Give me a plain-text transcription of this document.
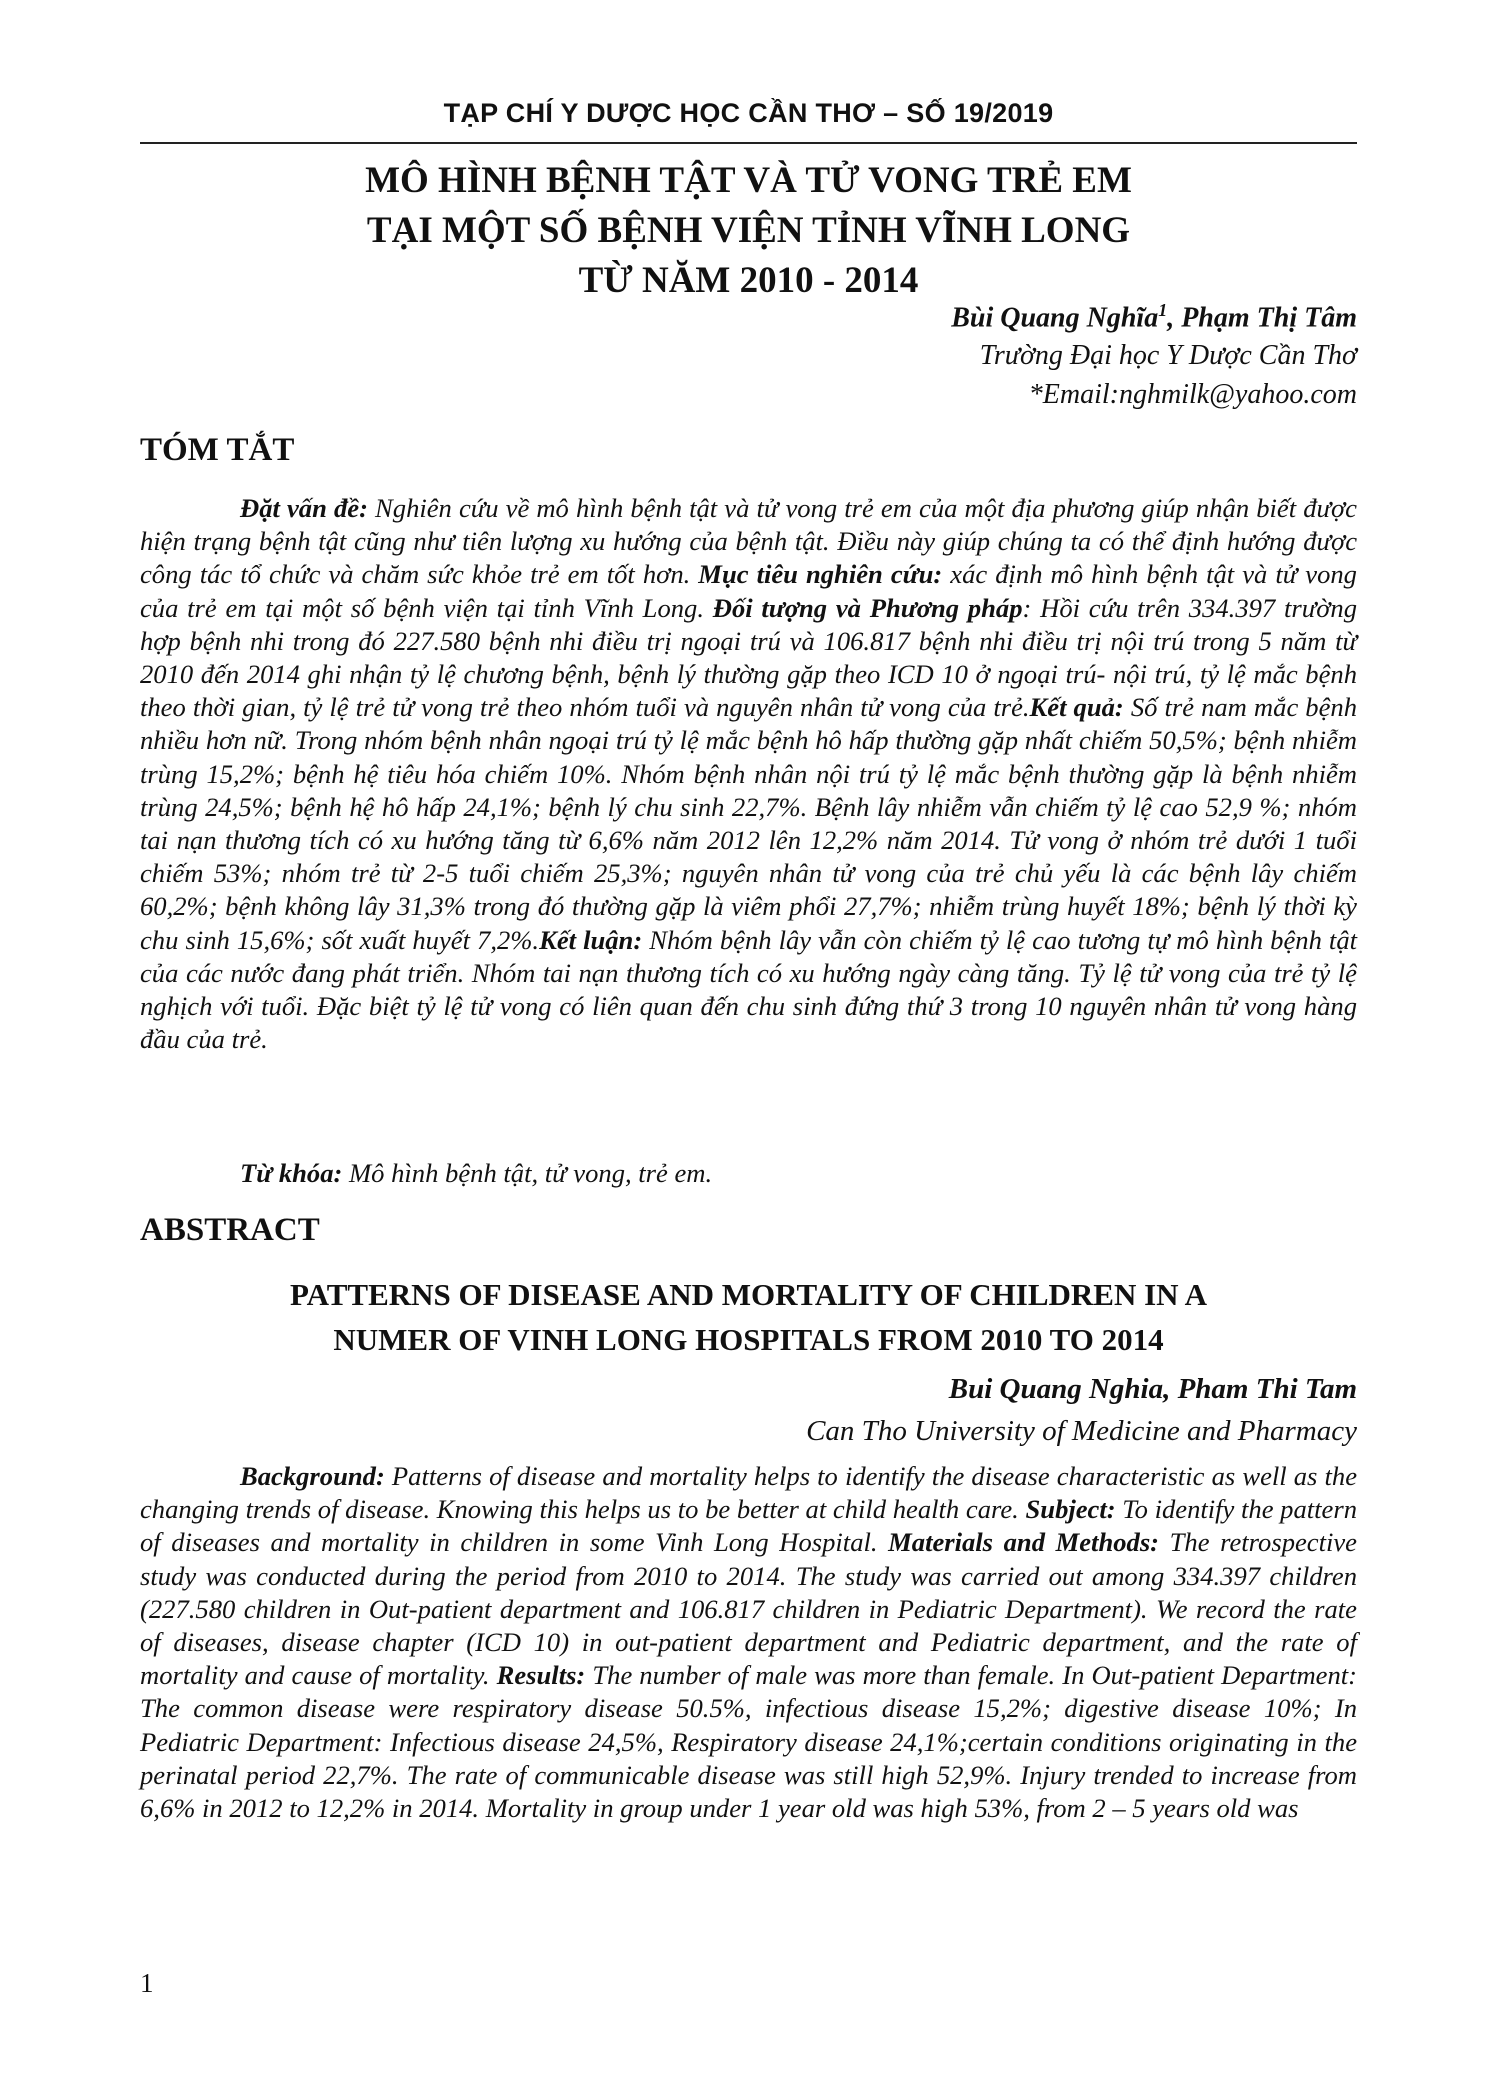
TẠP CHÍ Y DƯỢC HỌC CẦN THƠ – SỐ 19/2019
MÔ HÌNH BỆNH TẬT VÀ TỬ VONG TRẺ EM
TẠI MỘT SỐ BỆNH VIỆN TỈNH VĨNH LONG
TỪ NĂM 2010 - 2014
Bùi Quang Nghĩa$^1$, Phạm Thị Tâm
Trường Đại học Y Dược Cần Thơ
*Email:nghmilk@yahoo.com
TÓM TẮT

Đặt vấn đề: Nghiên cứu về mô hình bệnh tật và tử vong trẻ em của một địa phương giúp nhận biết được hiện trạng bệnh tật cũng như tiên lượng xu hướng của bệnh tật. Điều này giúp chúng ta có thể định hướng được công tác tổ chức và chăm sức khỏe trẻ em tốt hơn. Mục tiêu nghiên cứu: xác định mô hình bệnh tật và tử vong của trẻ em tại một số bệnh viện tại tỉnh Vĩnh Long. Đối tượng và Phương pháp: Hồi cứu trên 334.397 trường hợp bệnh nhi trong đó 227.580 bệnh nhi điều trị ngoại trú và 106.817 bệnh nhi điều trị nội trú trong 5 năm từ 2010 đến 2014 ghi nhận tỷ lệ chương bệnh, bệnh lý thường gặp theo ICD 10 ở ngoại trú- nội trú, tỷ lệ mắc bệnh theo thời gian, tỷ lệ trẻ tử vong trẻ theo nhóm tuổi và nguyên nhân tử vong của trẻ.Kết quả: Số trẻ nam mắc bệnh nhiều hơn nữ. Trong nhóm bệnh nhân ngoại trú tỷ lệ mắc bệnh hô hấp thường gặp nhất chiếm 50,5%; bệnh nhiễm trùng 15,2%; bệnh hệ tiêu hóa chiếm 10%. Nhóm bệnh nhân nội trú tỷ lệ mắc bệnh thường gặp là bệnh nhiễm trùng 24,5%; bệnh hệ hô hấp 24,1%; bệnh lý chu sinh 22,7%. Bệnh lây nhiễm vẫn chiếm tỷ lệ cao 52,9 %; nhóm tai nạn thương tích có xu hướng tăng từ 6,6% năm 2012 lên 12,2% năm 2014. Tử vong ở nhóm trẻ dưới 1 tuổi chiếm 53%; nhóm trẻ từ 2-5 tuổi chiếm 25,3%; nguyên nhân tử vong của trẻ chủ yếu là các bệnh lây chiếm 60,2%; bệnh không lây 31,3% trong đó thường gặp là viêm phổi 27,7%; nhiễm trùng huyết 18%; bệnh lý thời kỳ chu sinh 15,6%; sốt xuất huyết 7,2%.Kết luận: Nhóm bệnh lây vẫn còn chiếm tỷ lệ cao tương tự mô hình bệnh tật của các nước đang phát triển. Nhóm tai nạn thương tích có xu hướng ngày càng tăng. Tỷ lệ tử vong của trẻ tỷ lệ nghịch với tuổi. Đặc biệt tỷ lệ tử vong có liên quan đến chu sinh đứng thứ 3 trong 10 nguyên nhân tử vong hàng đầu của trẻ.

Từ khóa: Mô hình bệnh tật, tử vong, trẻ em.
ABSTRACT
PATTERNS OF DISEASE AND MORTALITY OF CHILDREN IN A
NUMER OF VINH LONG HOSPITALS FROM 2010 TO 2014
Bui Quang Nghia, Pham Thi Tam
Can Tho University of Medicine and Pharmacy

Background: Patterns of disease and mortality helps to identify the disease characteristic as well as the changing trends of disease. Knowing this helps us to be better at child health care. Subject: To identify the pattern of diseases and mortality in children in some Vinh Long Hospital. Materials and Methods: The retrospective study was conducted during the period from 2010 to 2014. The study was carried out among 334.397 children (227.580 children in Out-patient department and 106.817 children in Pediatric Department). We record the rate of diseases, disease chapter (ICD 10) in out-patient department and Pediatric department, and the rate of mortality and cause of mortality. Results: The number of male was more than female. In Out-patient Department: The common disease were respiratory disease 50.5%, infectious disease 15,2%; digestive disease 10%; In Pediatric Department: Infectious disease 24,5%, Respiratory disease 24,1%;certain conditions originating in the perinatal period 22,7%. The rate of communicable disease was still high 52,9%. Injury trended to increase from 6,6% in 2012 to 12,2% in 2014. Mortality in group under 1 year old was high 53%, from 2 – 5 years old was

1
